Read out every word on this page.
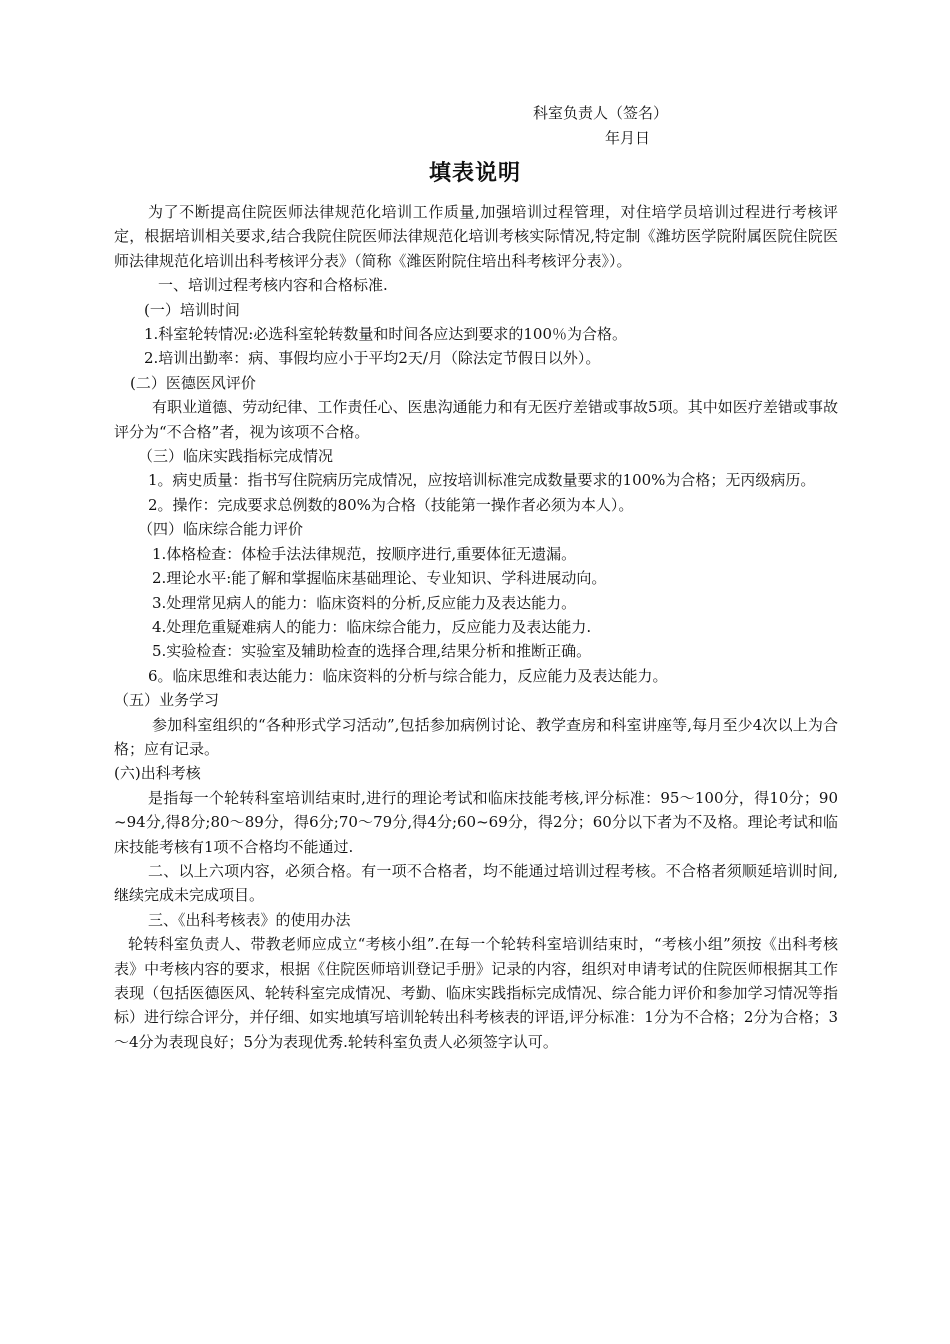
科室负责人（签名）
年月日
填表说明

为了不断提高住院医师法律规范化培训工作质量,加强培训过程管理，对住培学员培训过程进行考核评定，根据培训相关要求,结合我院住院医师法律规范化培训考核实际情况,特定制《潍坊医学院附属医院住院医师法律规范化培训出科考核评分表》（简称《潍医附院住培出科考核评分表》）。

一、培训过程考核内容和合格标准.

(一）培训时间

1.科室轮转情况:必选科室轮转数量和时间各应达到要求的100％为合格。

2.培训出勤率：病、事假均应小于平均2天/月（除法定节假日以外）。

(二）医德医风评价

有职业道德、劳动纪律、工作责任心、医患沟通能力和有无医疗差错或事故5项。其中如医疗差错或事故评分为“不合格”者，视为该项不合格。

（三）临床实践指标完成情况

1。病史质量：指书写住院病历完成情况，应按培训标准完成数量要求的100%为合格；无丙级病历。

2。操作：完成要求总例数的80%为合格（技能第一操作者必须为本人）。

（四）临床综合能力评价

1.体格检查：体检手法法律规范，按顺序进行,重要体征无遗漏。

2.理论水平:能了解和掌握临床基础理论、专业知识、学科进展动向。

3.处理常见病人的能力：临床资料的分析,反应能力及表达能力。

4.处理危重疑难病人的能力：临床综合能力，反应能力及表达能力.

5.实验检查：实验室及辅助检查的选择合理,结果分析和推断正确。

6。临床思维和表达能力：临床资料的分析与综合能力，反应能力及表达能力。

（五）业务学习

参加科室组织的“各种形式学习活动”,包括参加病例讨论、教学查房和科室讲座等,每月至少4次以上为合格；应有记录。

(六)出科考核

是指每一个轮转科室培训结束时,进行的理论考试和临床技能考核,评分标准：95～100分，得10分；90~94分,得8分;80～89分，得6分;70～79分,得4分;60~69分，得2分；60分以下者为不及格。理论考试和临床技能考核有1项不合格均不能通过.

二、以上六项内容，必须合格。有一项不合格者，均不能通过培训过程考核。不合格者须顺延培训时间,继续完成未完成项目。

三、《出科考核表》的使用办法

轮转科室负责人、带教老师应成立“考核小组”.在每一个轮转科室培训结束时，“考核小组”须按《出科考核表》中考核内容的要求，根据《住院医师培训登记手册》记录的内容，组织对申请考试的住院医师根据其工作表现（包括医德医风、轮转科室完成情况、考勤、临床实践指标完成情况、综合能力评价和参加学习情况等指标）进行综合评分，并仔细、如实地填写培训轮转出科考核表的评语,评分标准：1分为不合格；2分为合格；3～4分为表现良好；5分为表现优秀.轮转科室负责人必须签字认可。
